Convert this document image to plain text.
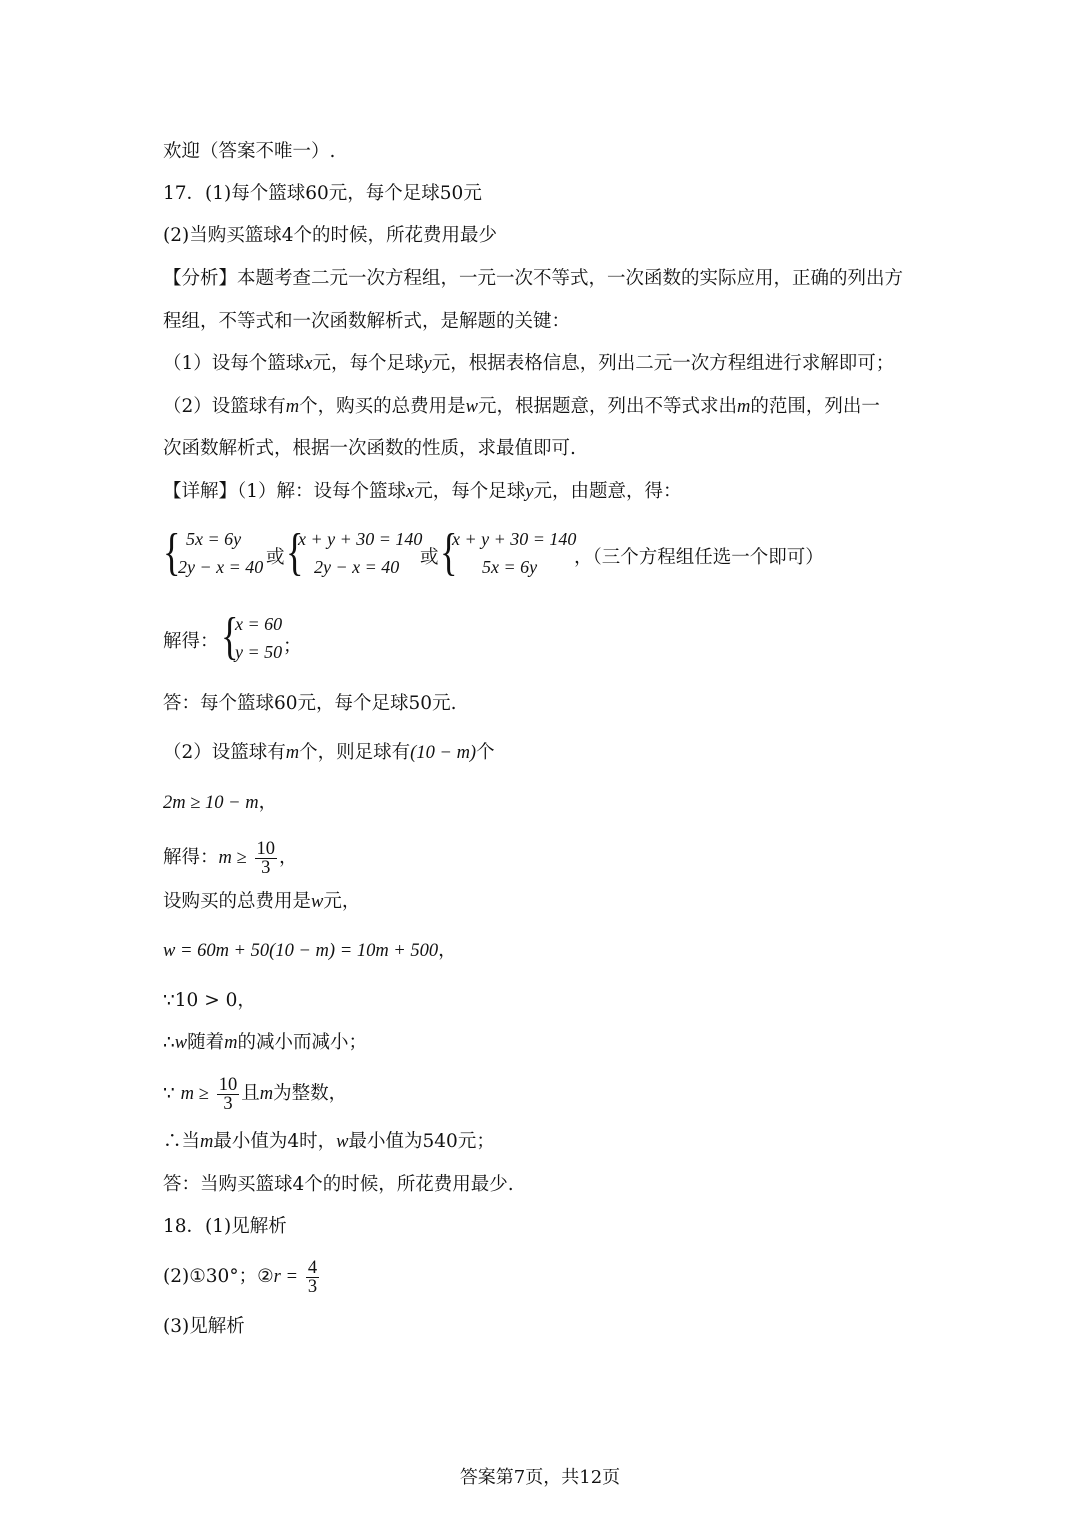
欢迎（答案不唯一）.
17．(1)每个篮球60元，每个足球50元
(2)当购买篮球4个的时候，所花费用最少
【分析】本题考查二元一次方程组，一元一次不等式，一次函数的实际应用，正确的列出方
程组，不等式和一次函数解析式，是解题的关键：
（1）设每个篮球x元，每个足球y元，根据表格信息，列出二元一次方程组进行求解即可；
（2）设篮球有m个，购买的总费用是w元，根据题意，列出不等式求出m的范围，列出一
次函数解析式，根据一次函数的性质，求最值即可.
【详解】（1）解：设每个篮球x元，每个足球y元，由题意，得：
{ 5x = 6y
2y − x = 40 或 {
x + y + 30 = 140
2y − x = 40 或 {
x + y + 30 = 140
5x = 6y ，（三个方程组任选一个即可）
解得： {
x = 60
y = 50 ；
答：每个篮球60元，每个足球50元.
（2）设篮球有m个，则足球有(10 − m)个
2m ≥ 10 − m，
解得：$m \ge \frac{10}{3}$ ，
设购买的总费用是w元，
w = 60m + 50(10 − m) = 10m + 500，
∵10 > 0，
∴w随着m的减小而减小；
∵ $m \ge \frac{10}{3}$ 且m为整数，
∴当m最小值为4时，w最小值为540元；
答：当购买篮球4个的时候，所花费用最少.
18．(1)见解析
(2)①30°；②r = $\frac{4}{3}$
(3)见解析
答案第7页，共12页
